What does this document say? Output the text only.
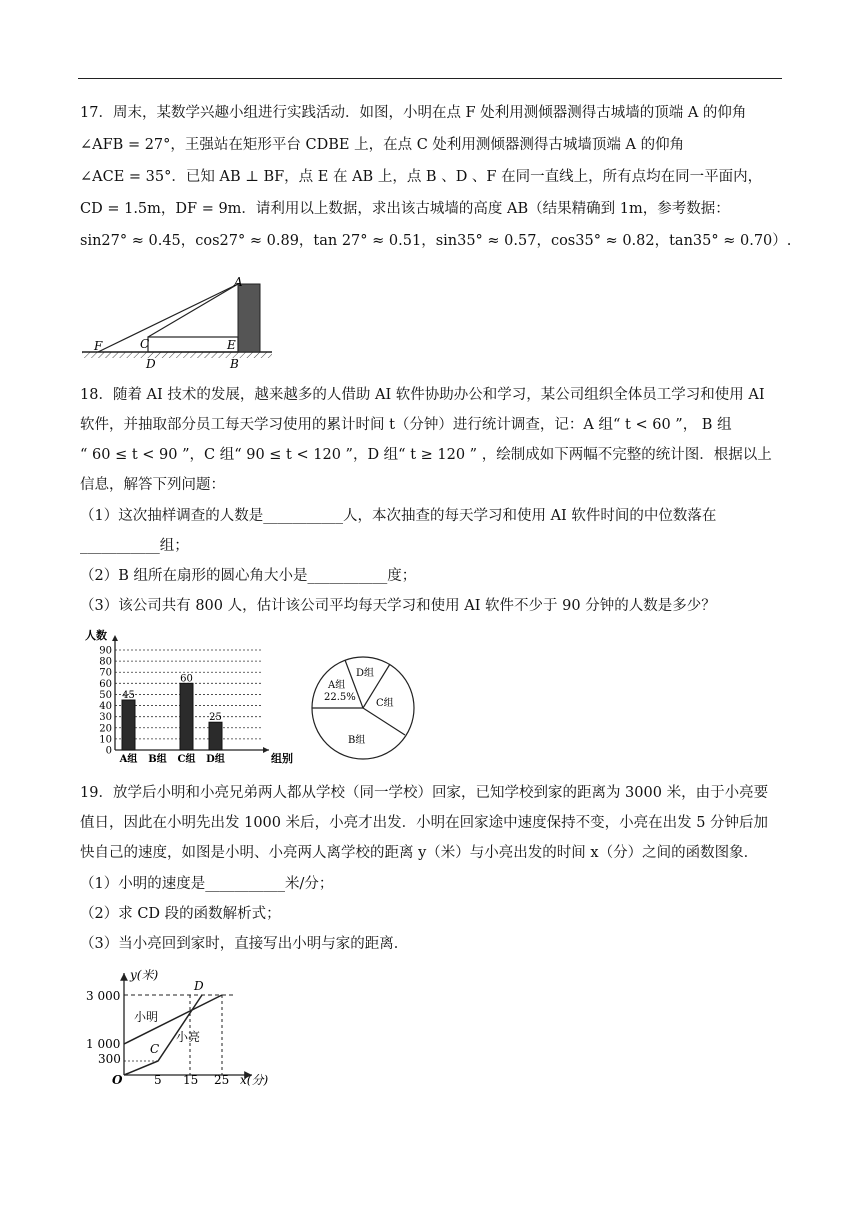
17．周末，某数学兴趣小组进行实践活动．如图，小明在点 F 处利用测倾器测得古城墙的顶端 A 的仰角
∠AFB = 27°，王强站在矩形平台 CDBE 上，在点 C 处利用测倾器测得古城墙顶端 A 的仰角
∠ACE = 35°．已知 AB ⊥ BF，点 E 在 AB 上，点 B 、D 、F 在同一直线上，所有点均在同一平面内，
CD = 1.5m，DF = 9m．请利用以上数据，求出该古城墙的高度 AB（结果精确到 1m，参考数据：
sin27° ≈ 0.45，cos27° ≈ 0.89，tan 27° ≈ 0.51，sin35° ≈ 0.57，cos35° ≈ 0.82，tan35° ≈ 0.70）.
A
C	E
D	B
F
18．随着 AI 技术的发展，越来越多的人借助 AI 软件协助办公和学习，某公司组织全体员工学习和使用 AI
软件，并抽取部分员工每天学习使用的累计时间 t（分钟）进行统计调查，记：A 组“ t < 60 ”， B 组
“ 60 ≤ t < 90 ”，C 组“ 90 ≤ t < 120 ”，D 组“ t ≥ 120 ” ，绘制成如下两幅不完整的统计图．根据以上
信息，解答下列问题：
（1）这次抽样调查的人数是___________人，本次抽查的每天学习和使用 AI 软件时间的中位数落在
___________组；
（2）B 组所在扇形的圆心角大小是___________度；
（3）该公司共有 800 人，估计该公司平均每天学习和使用 AI 软件不少于 90 分钟的人数是多少？
0
10
20
30
40
50
60
70
80
90
人数
组别
45
A组 B组
60
C组
25
D组
A组
22.5%
D组
C组
B组
19．放学后小明和小亮兄弟两人都从学校（同一学校）回家，已知学校到家的距离为 3000 米，由于小亮要
值日，因此在小明先出发 1000 米后，小亮才出发．小明在回家途中速度保持不变，小亮在出发 5 分钟后加
快自己的速度，如图是小明、小亮两人离学校的距离 y（米）与小亮出发的时间 x（分）之间的函数图象．
（1）小明的速度是___________米/分；
（2）求 CD 段的函数解析式；
（3）当小亮回到家时，直接写出小明与家的距离．
y(米)
x(分)
O
3 000
1 000
300
5 15 25
C
D
小明
小亮
